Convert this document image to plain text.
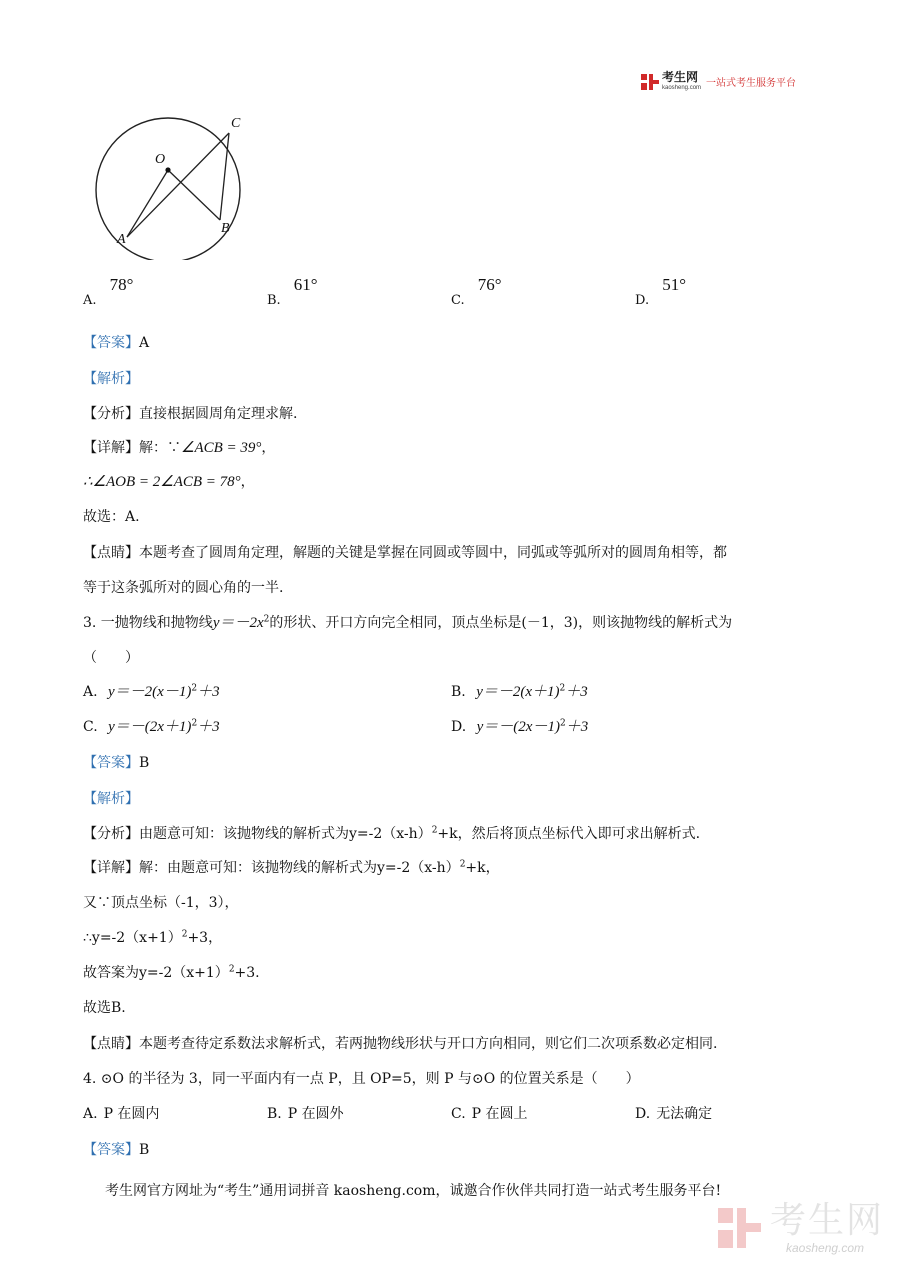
考生网
kaosheng.com 一站式考生服务平台
O
A
B
C
$_{A.}$ 78°
$_{B.}$ 61°
$_{C.}$ 76°
$_{D.}$ 51°
【答案】A
【解析】
【分析】直接根据圆周角定理求解.
【详解】解：∵∠ACB = 39°，
∴∠AOB = 2∠ACB = 78°，
故选：A.
【点睛】本题考查了圆周角定理，解题的关键是掌握在同圆或等圆中，同弧或等弧所对的圆周角相等，都
等于这条弧所对的圆心角的一半.
3. 一抛物线和抛物线$y=-2x^2$的形状、开口方向完全相同，顶点坐标是(－1，3)，则该抛物线的解析式为
（　　）
A. $y=-2(x-1)^2+3$	B. $y=-2(x+1)^2+3$
C. $y=-(2x+1)^2+3$	D. $y=-(2x-1)^2+3$
【答案】B
【解析】
【分析】由题意可知：该抛物线的解析式为$y=-2(x-h)^2+k$，然后将顶点坐标代入即可求出解析式.
【详解】解：由题意可知：该抛物线的解析式为$y=-2(x-h)^2+k$，
又∵顶点坐标（-1，3），
$\therefore y=-2(x+1)^2+3$，
故答案为$y=-2(x+1)^2+3$.
故选B.
【点睛】本题考查待定系数法求解析式，若两抛物线形状与开口方向相同，则它们二次项系数必定相同.
4. ⊙O 的半径为 3，同一平面内有一点 P，且 OP=5，则 P 与⊙O 的位置关系是（　　）
A. P 在圆内	B. P 在圆外	C. P 在圆上	D. 无法确定
【答案】B
考生网官方网址为“考生”通用词拼音 kaosheng.com，诚邀合作伙伴共同打造一站式考生服务平台!
考生网
kaosheng.com
